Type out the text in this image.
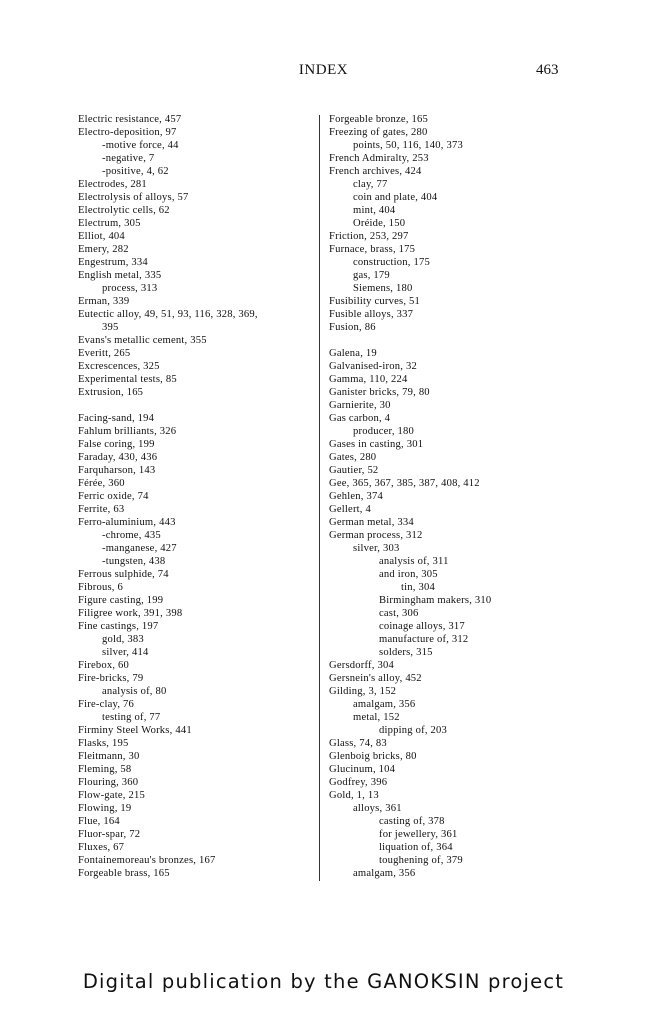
INDEX	463
Electric resistance, 457
Electro-deposition, 97
-motive force, 44
-negative, 7
-positive, 4, 62
Electrodes, 281
Electrolysis of alloys, 57
Electrolytic cells, 62
Electrum, 305
Elliot, 404
Emery, 282
Engestrum, 334
English metal, 335
process, 313
Erman, 339
Eutectic alloy, 49, 51, 93, 116, 328, 369,
395
Evans's metallic cement, 355
Everitt, 265
Excrescences, 325
Experimental tests, 85
Extrusion, 165
Facing-sand, 194
Fahlum brilliants, 326
False coring, 199
Faraday, 430, 436
Farquharson, 143
Férée, 360
Ferric oxide, 74
Ferrite, 63
Ferro-aluminium, 443
-chrome, 435
-manganese, 427
-tungsten, 438
Ferrous sulphide, 74
Fibrous, 6
Figure casting, 199
Filigree work, 391, 398
Fine castings, 197
gold, 383
silver, 414
Firebox, 60
Fire-bricks, 79
analysis of, 80
Fire-clay, 76
testing of, 77
Firminy Steel Works, 441
Flasks, 195
Fleitmann, 30
Fleming, 58
Flouring, 360
Flow-gate, 215
Flowing, 19
Flue, 164
Fluor-spar, 72
Fluxes, 67
Fontainemoreau's bronzes, 167
Forgeable brass, 165
Forgeable bronze, 165
Freezing of gates, 280
points, 50, 116, 140, 373
French Admiralty, 253
French archives, 424
clay, 77
coin and plate, 404
mint, 404
Oréide, 150
Friction, 253, 297
Furnace, brass, 175
construction, 175
gas, 179
Siemens, 180
Fusibility curves, 51
Fusible alloys, 337
Fusion, 86
Galena, 19
Galvanised-iron, 32
Gamma, 110, 224
Ganister bricks, 79, 80
Garnierite, 30
Gas carbon, 4
producer, 180
Gases in casting, 301
Gates, 280
Gautier, 52
Gee, 365, 367, 385, 387, 408, 412
Gehlen, 374
Gellert, 4
German metal, 334
German process, 312
silver, 303
analysis of, 311
and iron, 305
tin, 304
Birmingham makers, 310
cast, 306
coinage alloys, 317
manufacture of, 312
solders, 315
Gersdorff, 304
Gersnein's alloy, 452
Gilding, 3, 152
amalgam, 356
metal, 152
dipping of, 203
Glass, 74, 83
Glenboig bricks, 80
Glucinum, 104
Godfrey, 396
Gold, 1, 13
alloys, 361
casting of, 378
for jewellery, 361
liquation of, 364
toughening of, 379
amalgam, 356
Digital publication by the GANOKSIN project
